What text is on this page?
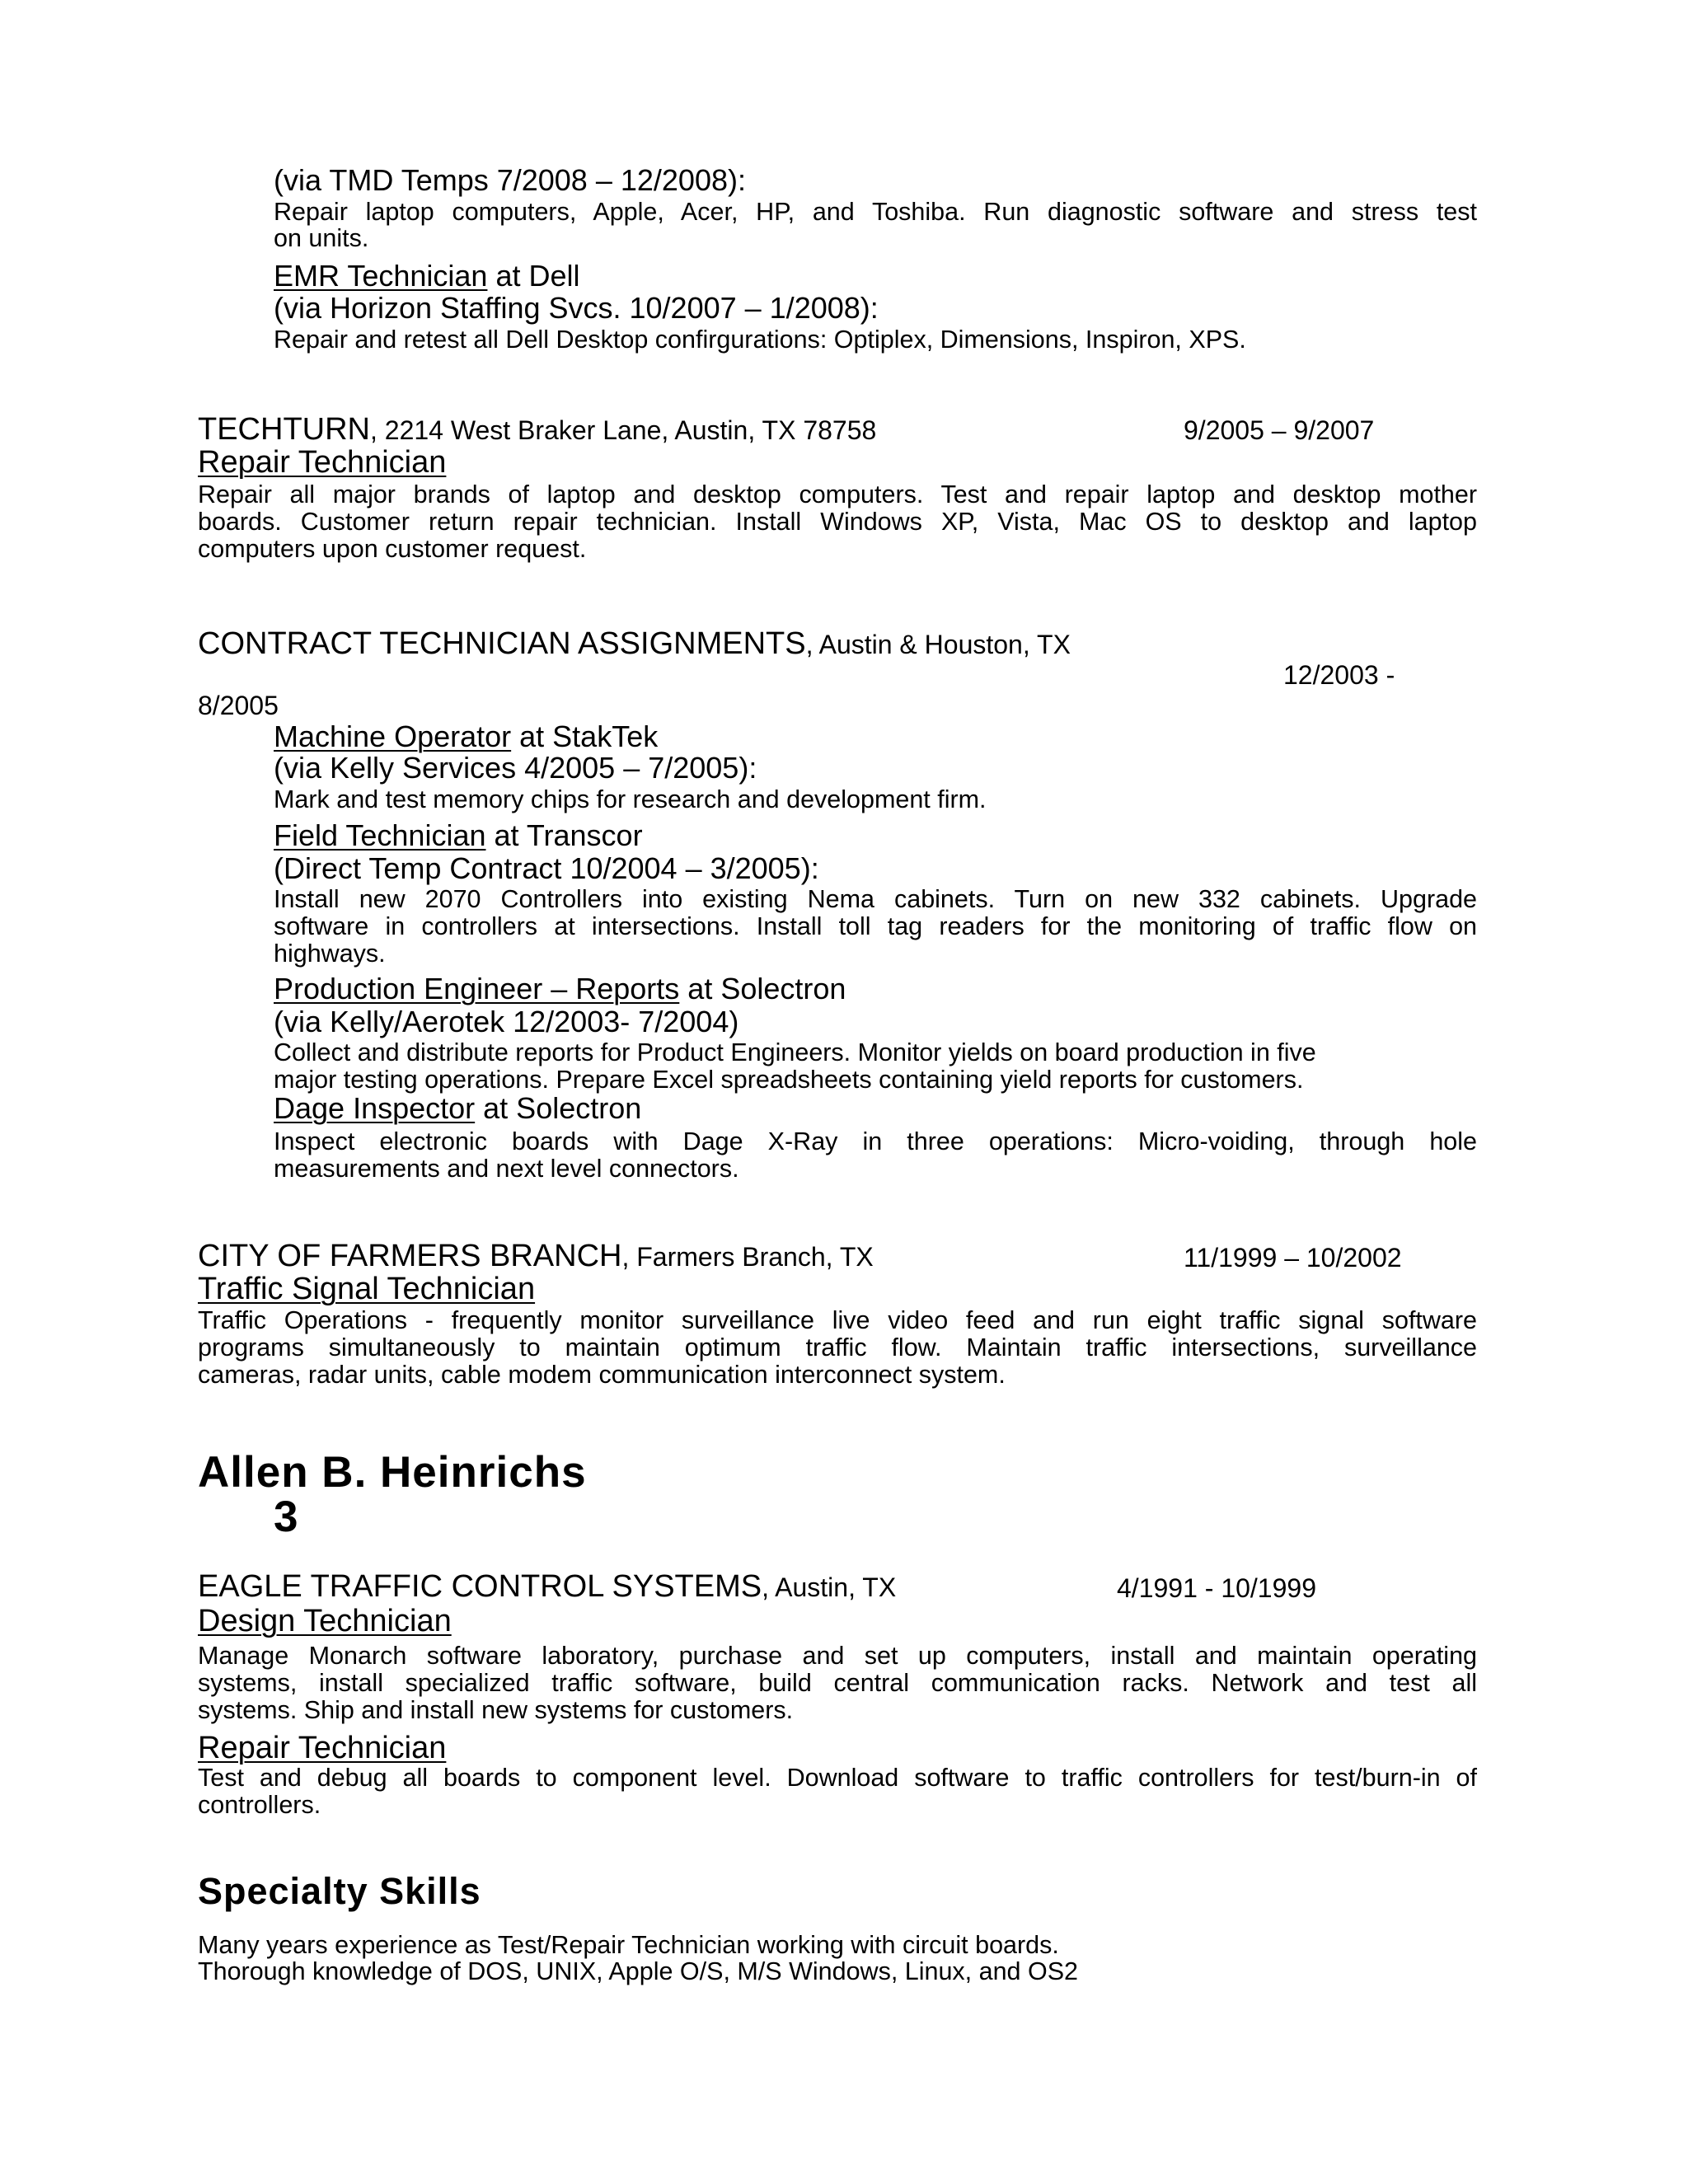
(via TMD Temps 7/2008 – 12/2008):
Repair laptop computers, Apple, Acer, HP, and Toshiba. Run diagnostic software and stress test
on units.
EMR Technician at Dell
(via Horizon Staffing Svcs. 10/2007 – 1/2008):
Repair and retest all Dell Desktop confirgurations: Optiplex, Dimensions, Inspiron, XPS.
TECHTURN, 2214 West Braker Lane, Austin, TX 78758	9/2005 – 9/2007
Repair Technician
Repair all major brands of laptop and desktop computers. Test and repair laptop and desktop mother
boards. Customer return repair technician. Install Windows XP, Vista, Mac OS to desktop and laptop
computers upon customer request.
CONTRACT TECHNICIAN ASSIGNMENTS, Austin & Houston, TX
12/2003 -
8/2005
Machine Operator at StakTek
(via Kelly Services 4/2005 – 7/2005):
Mark and test memory chips for research and development firm.
Field Technician at Transcor
(Direct Temp Contract 10/2004 – 3/2005):
Install new 2070 Controllers into existing Nema cabinets. Turn on new 332 cabinets. Upgrade
software in controllers at intersections. Install toll tag readers for the monitoring of traffic flow on
highways.
Production Engineer – Reports at Solectron
(via Kelly/Aerotek 12/2003- 7/2004)
Collect and distribute reports for Product Engineers. Monitor yields on board production in five
major testing operations. Prepare Excel spreadsheets containing yield reports for customers.
Dage Inspector at Solectron
Inspect electronic boards with Dage X-Ray in three operations: Micro-voiding, through hole
measurements and next level connectors.
CITY OF FARMERS BRANCH, Farmers Branch, TX	11/1999 – 10/2002
Traffic Signal Technician
Traffic Operations - frequently monitor surveillance live video feed and run eight traffic signal software
programs simultaneously to maintain optimum traffic flow. Maintain traffic intersections, surveillance
cameras, radar units, cable modem communication interconnect system.
Allen B. Heinrichs
3
EAGLE TRAFFIC CONTROL SYSTEMS, Austin, TX	4/1991 - 10/1999
Design Technician
Manage Monarch software laboratory, purchase and set up computers, install and maintain operating
systems, install specialized traffic software, build central communication racks. Network and test all
systems. Ship and install new systems for customers.
Repair Technician
Test and debug all boards to component level. Download software to traffic controllers for test/burn-in of
controllers.
Specialty Skills
Many years experience as Test/Repair Technician working with circuit boards.
Thorough knowledge of DOS, UNIX, Apple O/S, M/S Windows, Linux, and OS2
